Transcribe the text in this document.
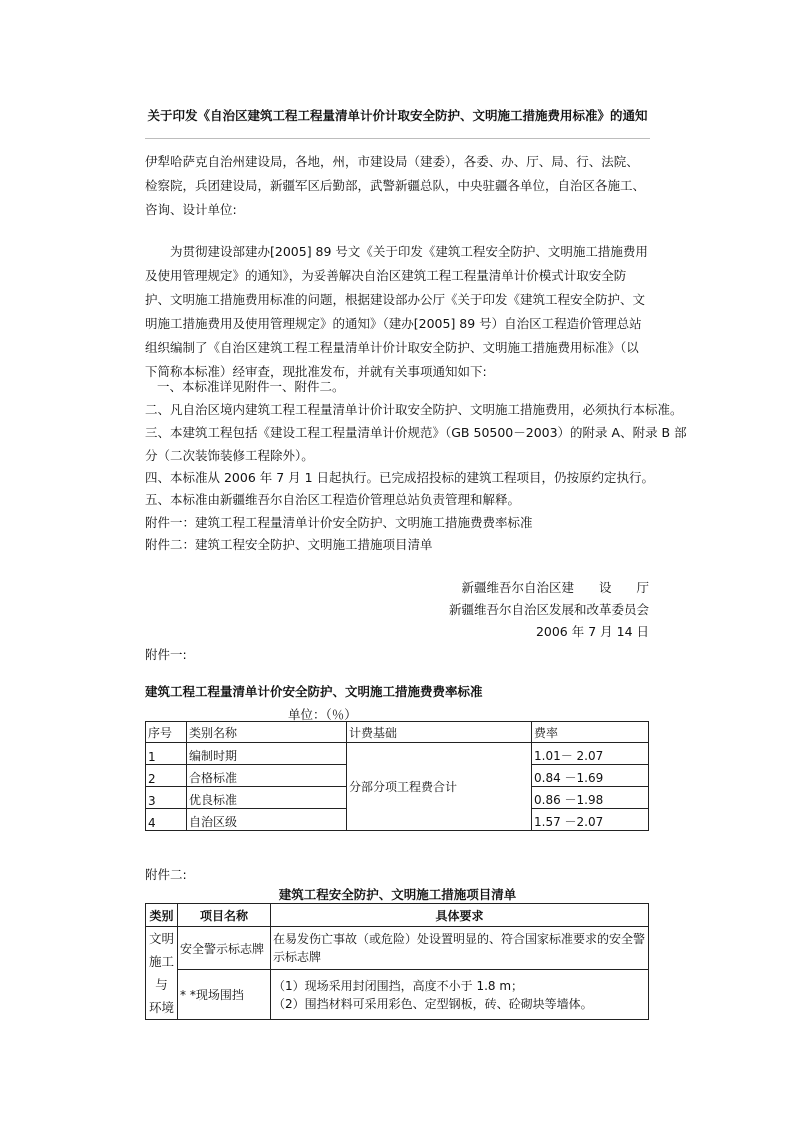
关于印发《自治区建筑工程工程量清单计价计取安全防护、文明施工措施费用标准》的通知

伊犁哈萨克自治州建设局，各地，州，市建设局（建委），各委、办、厅、局、行、法院、检察院，兵团建设局，新疆军区后勤部，武警新疆总队，中央驻疆各单位，自治区各施工、咨询、设计单位:

为贯彻建设部建办[2005] 89 号文《关于印发《建筑工程安全防护、文明施工措施费用及使用管理规定》的通知》，为妥善解决自治区建筑工程工程量清单计价模式计取安全防护、文明施工措施费用标准的问题，根据建设部办公厅《关于印发《建筑工程安全防护、文明施工措施费用及使用管理规定》的通知》（建办[2005] 89 号）自治区工程造价管理总站组织编制了《自治区建筑工程工程量清单计价计取安全防护、文明施工措施费用标准》（以下简称本标准）经审查，现批准发布，并就有关事项通知如下:

一、本标准详见附件一、附件二。
二、凡自治区境内建筑工程工程量清单计价计取安全防护、文明施工措施费用，必须执行本标准。
三、本建筑工程包括《建设工程工程量清单计价规范》（GB 50500－2003）的附录 A、附录 B 部
分（二次装饰装修工程除外）。
四、本标准从 2006 年 7 月 1 日起执行。已完成招投标的建筑工程项目，仍按原约定执行。
五、本标准由新疆维吾尔自治区工程造价管理总站负责管理和解释。
附件一：建筑工程工程量清单计价安全防护、文明施工措施费费率标准
附件二：建筑工程安全防护、文明施工措施项目清单
新疆维吾尔自治区建　　设　　厅
新疆维吾尔自治区发展和改革委员会
2006 年 7 月 14 日
附件一:
建筑工程工程量清单计价安全防护、文明施工措施费费率标准
单位：（％）
序号	类别名称	计费基础	费率
1	编制时期	分部分项工程费合计	1.01－ 2.07
2	合格标准		0.84 －1.69
3	优良标准		0.86 －1.98
4	自治区级		1.57 －2.07
附件二:
建筑工程安全防护、文明施工措施项目清单
类别	项目名称	具体要求

文明
施工
与
环境	安全警示标志牌	在易发伤亡事故（或危险）处设置明显的、符合国家标准要求的安全警示标志牌
	* *现场围挡	（1）现场采用封闭围挡，高度不小于 1.8 m；
（2）围挡材料可采用彩色、定型钢板，砖、砼砌块等墙体。
